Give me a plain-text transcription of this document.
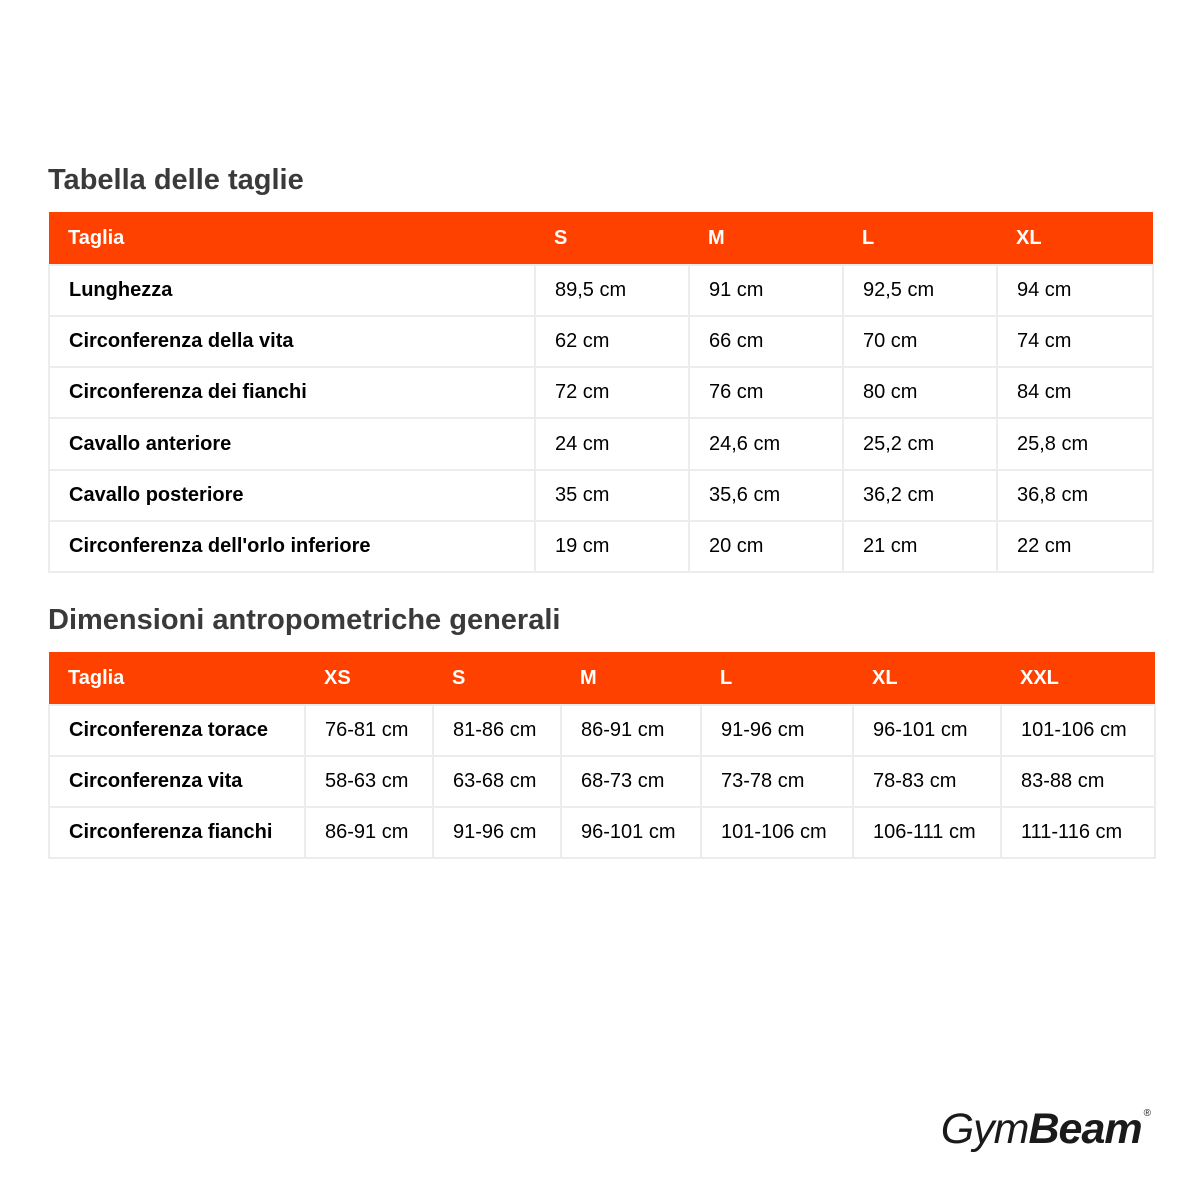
Tabella delle taglie
Taglia	S	M	L	XL
Lunghezza	89,5 cm	91 cm	92,5 cm	94 cm
Circonferenza della vita	62 cm	66 cm	70 cm	74 cm
Circonferenza dei fianchi	72 cm	76 cm	80 cm	84 cm
Cavallo anteriore	24 cm	24,6 cm	25,2 cm	25,8 cm
Cavallo posteriore	35 cm	35,6 cm	36,2 cm	36,8 cm
Circonferenza dell'orlo inferiore	19 cm	20 cm	21 cm	22 cm
Dimensioni antropometriche generali
Taglia	XS	S	M	L	XL	XXL
Circonferenza torace	76-81 cm	81-86 cm	86-91 cm	91-96 cm	96-101 cm	101-106 cm
Circonferenza vita	58-63 cm	63-68 cm	68-73 cm	73-78 cm	78-83 cm	83-88 cm
Circonferenza fianchi	86-91 cm	91-96 cm	96-101 cm	101-106 cm	106-111 cm	111-116 cm
Gym Beam ®
